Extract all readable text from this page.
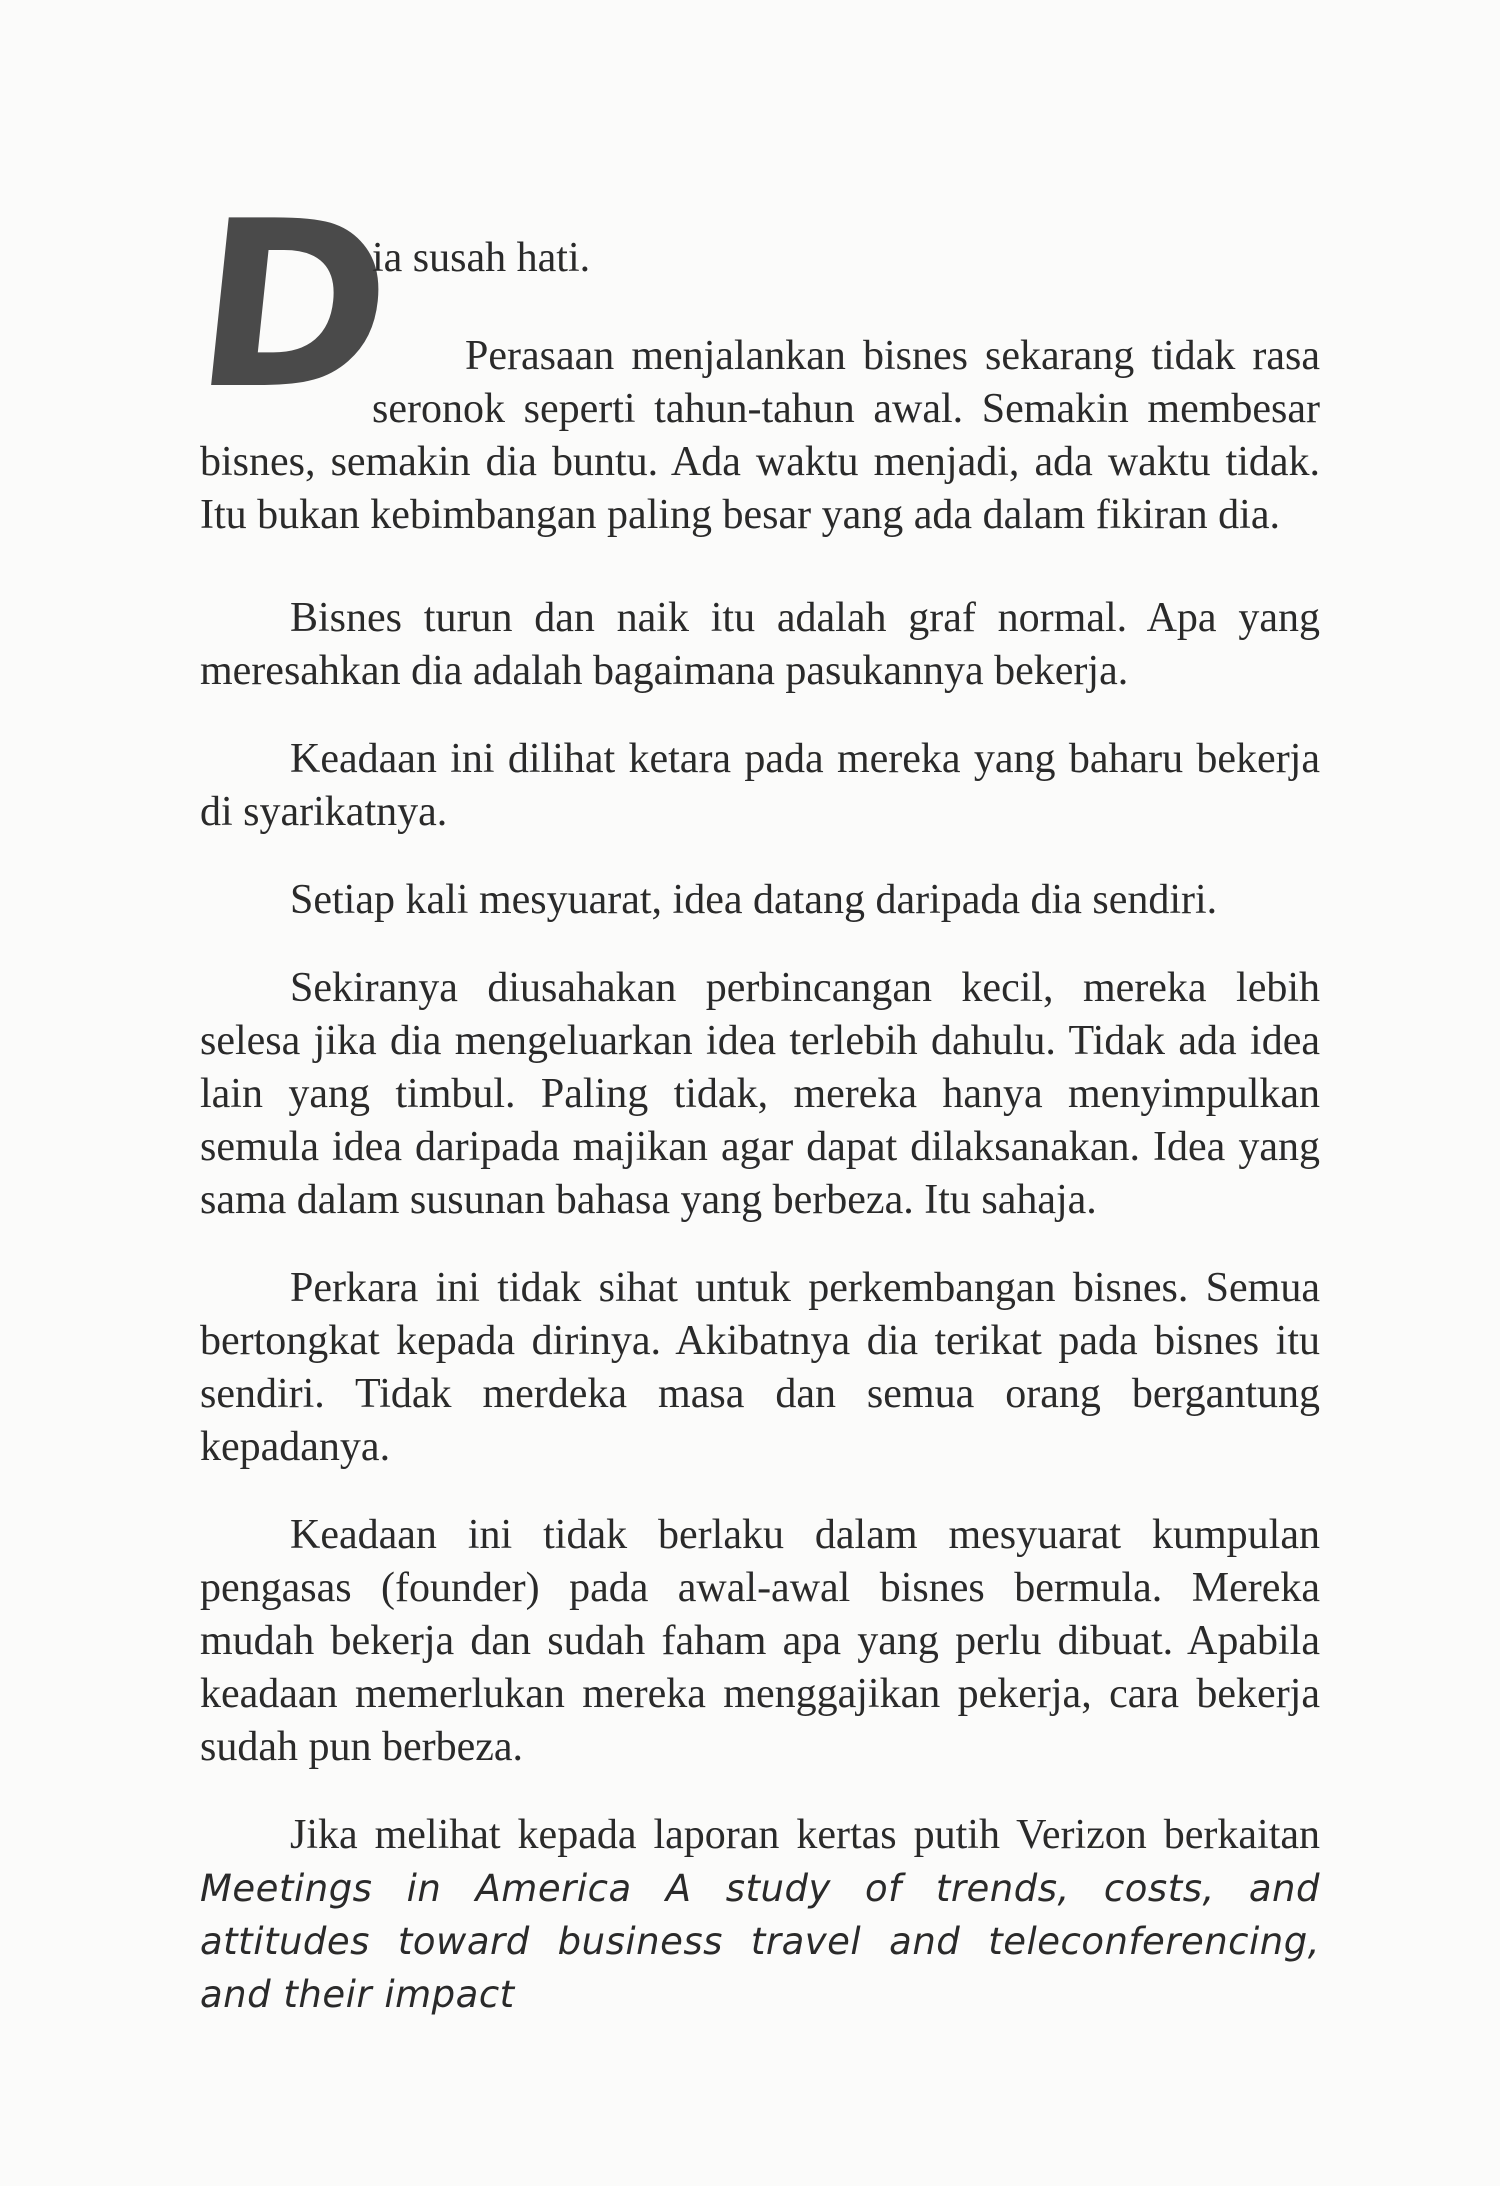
D
ia susah hati.
Perasaan menjalankan bisnes sekarang tidak rasa
seronok seperti tahun-tahun awal. Semakin membesar
bisnes, semakin dia buntu. Ada waktu menjadi, ada waktu tidak. Itu bukan kebimbangan paling besar yang ada dalam fikiran dia.

Bisnes turun dan naik itu adalah graf normal. Apa yang meresahkan dia adalah bagaimana pasukannya bekerja.

Keadaan ini dilihat ketara pada mereka yang baharu bekerja di syarikatnya.

Setiap kali mesyuarat, idea datang daripada dia sendiri.

Sekiranya diusahakan perbincangan kecil, mereka lebih selesa jika dia mengeluarkan idea terlebih dahulu. Tidak ada idea lain yang timbul. Paling tidak, mereka hanya menyimpulkan semula idea daripada majikan agar dapat dilaksanakan. Idea yang sama dalam susunan bahasa yang berbeza. Itu sahaja.

Perkara ini tidak sihat untuk perkembangan bisnes. Semua bertongkat kepada dirinya. Akibatnya dia terikat pada bisnes itu sendiri. Tidak merdeka masa dan semua orang bergantung kepadanya.

Keadaan ini tidak berlaku dalam mesyuarat kumpulan pengasas (founder) pada awal-awal bisnes bermula. Mereka mudah bekerja dan sudah faham apa yang perlu dibuat. Apabila keadaan memerlukan mereka menggajikan pekerja, cara bekerja sudah pun berbeza.

Jika melihat kepada laporan kertas putih Verizon berkaitan Meetings in America A study of trends, costs, and attitudes toward business travel and teleconferencing, and their impact
